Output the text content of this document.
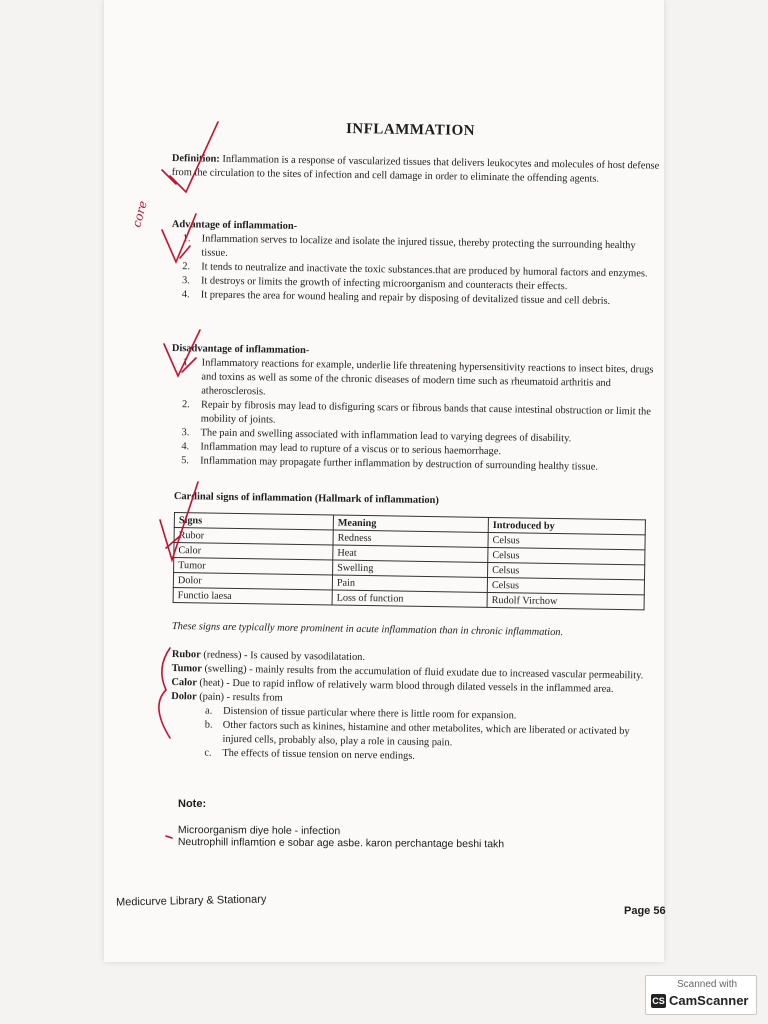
INFLAMMATION
Definition: Inflammation is a response of vascularized tissues that delivers leukocytes and molecules of host defense from the circulation to the sites of infection and cell damage in order to eliminate the offending agents.
Advantage of inflammation-
1. Inflammation serves to localize and isolate the injured tissue, thereby protecting the surrounding healthy tissue.
2. It tends to neutralize and inactivate the toxic substances.that are produced by humoral factors and enzymes.
3. It destroys or limits the growth of infecting microorganism and counteracts their effects.
4. It prepares the area for wound healing and repair by disposing of devitalized tissue and cell debris.
Disadvantage of inflammation-
1. Inflammatory reactions for example, underlie life threatening hypersensitivity reactions to insect bites, drugs and toxins as well as some of the chronic diseases of modern time such as rheumatoid arthritis and atherosclerosis.
2. Repair by fibrosis may lead to disfiguring scars or fibrous bands that cause intestinal obstruction or limit the mobility of joints.
3. The pain and swelling associated with inflammation lead to varying degrees of disability.
4. Inflammation may lead to rupture of a viscus or to serious haemorrhage.
5. Inflammation may propagate further inflammation by destruction of surrounding healthy tissue.
Cardinal signs of inflammation (Hallmark of inflammation)
Signs	Meaning	Introduced by
Rubor	Redness	Celsus
Calor	Heat	Celsus
Tumor	Swelling	Celsus
Dolor	Pain	Celsus
Functio laesa	Loss of function	Rudolf Virchow
These signs are typically more prominent in acute inflammation than in chronic inflammation.
Rubor (redness) - Is caused by vasodilatation.
Tumor (swelling) - mainly results from the accumulation of fluid exudate due to increased vascular permeability.
Calor (heat) - Due to rapid inflow of relatively warm blood through dilated vessels in the inflammed area.
Dolor (pain) - results from
a. Distension of tissue particular where there is little room for expansion.
b. Other factors such as kinines, histamine and other metabolites, which are liberated or activated by injured cells, probably also, play a role in causing pain.
c. The effects of tissue tension on nerve endings.
Note:
Microorganism diye hole - infection
Neutrophill inflamtion e sobar age asbe. karon perchantage beshi takh
Medicurve Library & Stationary
Page 56
core
Scanned with
CS CamScanner
